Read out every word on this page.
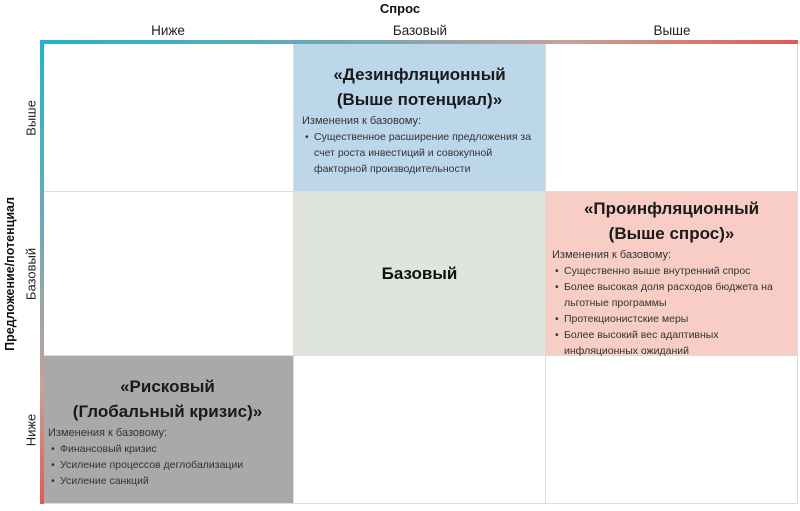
Спрос
Ниже	Базовый	Выше
Предложение/потенциал
Выше
Базовый
Ниже
«Дезинфляционный
(Выше потенциал)»
Изменения к базовому:
• Существенное расширение предложения за счет роста инвестиций и совокупной факторной производительности
Базовый
«Проинфляционный
(Выше спрос)»
Изменения к базовому:
• Существенно выше внутренний спрос
• Более высокая доля расходов бюджета на льготные программы
• Протекционистские меры
• Более высокий вес адаптивных инфляционных ожиданий
«Рисковый
(Глобальный кризис)»
Изменения к базовому:
• Финансовый кризис
• Усиление процессов деглобализации
• Усиление санкций
